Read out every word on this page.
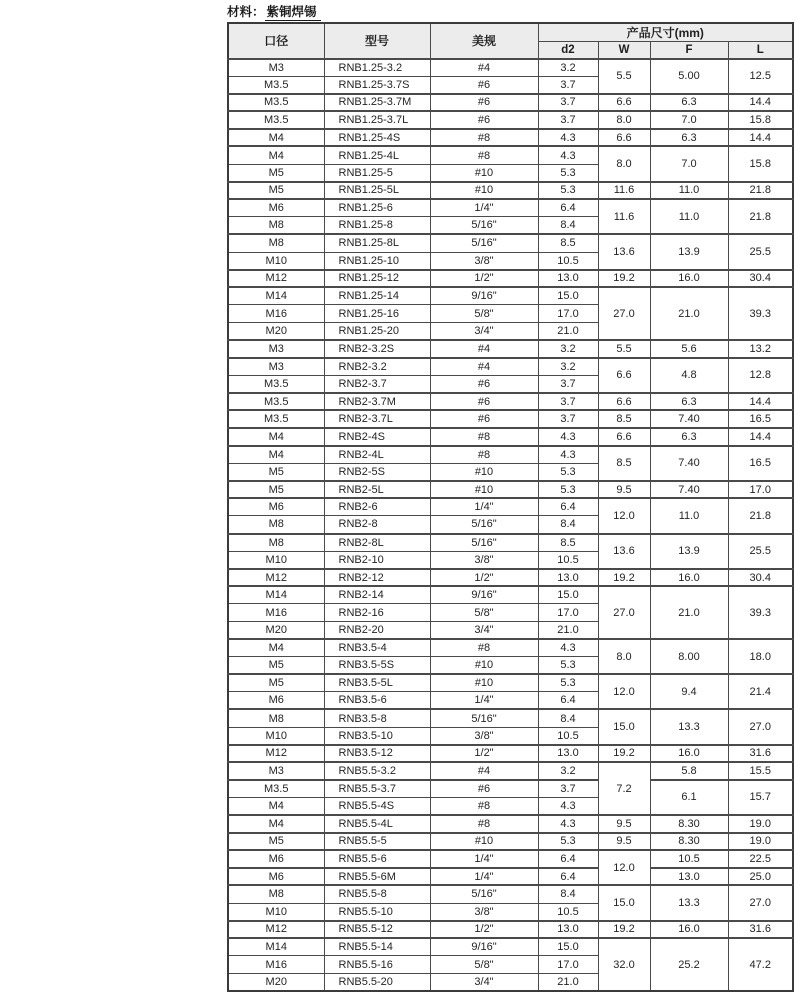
材料： 紫铜焊锡
口径	型号	美规	产品尺寸(mm)			
			d2	W	F	L
M3	RNB1.25-3.2	#4	3.2	5.5	5.00	12.5
M3.5	RNB1.25-3.7S	#6	3.7			
M3.5	RNB1.25-3.7M	#6	3.7	6.6	6.3	14.4
M3.5	RNB1.25-3.7L	#6	3.7	8.0	7.0	15.8
M4	RNB1.25-4S	#8	4.3	6.6	6.3	14.4
M4	RNB1.25-4L	#8	4.3	8.0	7.0	15.8
M5	RNB1.25-5	#10	5.3			
M5	RNB1.25-5L	#10	5.3	11.6	11.0	21.8
M6	RNB1.25-6	1/4"	6.4	11.6	11.0	21.8
M8	RNB1.25-8	5/16"	8.4			
M8	RNB1.25-8L	5/16"	8.5	13.6	13.9	25.5
M10	RNB1.25-10	3/8"	10.5			
M12	RNB1.25-12	1/2"	13.0	19.2	16.0	30.4
M14	RNB1.25-14	9/16"	15.0	27.0	21.0	39.3
M16	RNB1.25-16	5/8"	17.0			
M20	RNB1.25-20	3/4"	21.0			
M3	RNB2-3.2S	#4	3.2	5.5	5.6	13.2
M3	RNB2-3.2	#4	3.2	6.6	4.8	12.8
M3.5	RNB2-3.7	#6	3.7			
M3.5	RNB2-3.7M	#6	3.7	6.6	6.3	14.4
M3.5	RNB2-3.7L	#6	3.7	8.5	7.40	16.5
M4	RNB2-4S	#8	4.3	6.6	6.3	14.4
M4	RNB2-4L	#8	4.3	8.5	7.40	16.5
M5	RNB2-5S	#10	5.3			
M5	RNB2-5L	#10	5.3	9.5	7.40	17.0
M6	RNB2-6	1/4"	6.4	12.0	11.0	21.8
M8	RNB2-8	5/16"	8.4			
M8	RNB2-8L	5/16"	8.5	13.6	13.9	25.5
M10	RNB2-10	3/8"	10.5			
M12	RNB2-12	1/2"	13.0	19.2	16.0	30.4
M14	RNB2-14	9/16"	15.0	27.0	21.0	39.3
M16	RNB2-16	5/8"	17.0			
M20	RNB2-20	3/4"	21.0			
M4	RNB3.5-4	#8	4.3	8.0	8.00	18.0
M5	RNB3.5-5S	#10	5.3			
M5	RNB3.5-5L	#10	5.3	12.0	9.4	21.4
M6	RNB3.5-6	1/4"	6.4			
M8	RNB3.5-8	5/16"	8.4	15.0	13.3	27.0
M10	RNB3.5-10	3/8"	10.5			
M12	RNB3.5-12	1/2"	13.0	19.2	16.0	31.6
M3	RNB5.5-3.2	#4	3.2	7.2	5.8	15.5
M3.5	RNB5.5-3.7	#6	3.7		6.1	15.7
M4	RNB5.5-4S	#8	4.3			
M4	RNB5.5-4L	#8	4.3	9.5	8.30	19.0
M5	RNB5.5-5	#10	5.3	9.5	8.30	19.0
M6	RNB5.5-6	1/4"	6.4	12.0	10.5	22.5
M6	RNB5.5-6M	1/4"	6.4		13.0	25.0
M8	RNB5.5-8	5/16"	8.4	15.0	13.3	27.0
M10	RNB5.5-10	3/8"	10.5			
M12	RNB5.5-12	1/2"	13.0	19.2	16.0	31.6
M14	RNB5.5-14	9/16"	15.0	32.0	25.2	47.2
M16	RNB5.5-16	5/8"	17.0			
M20	RNB5.5-20	3/4"	21.0			
